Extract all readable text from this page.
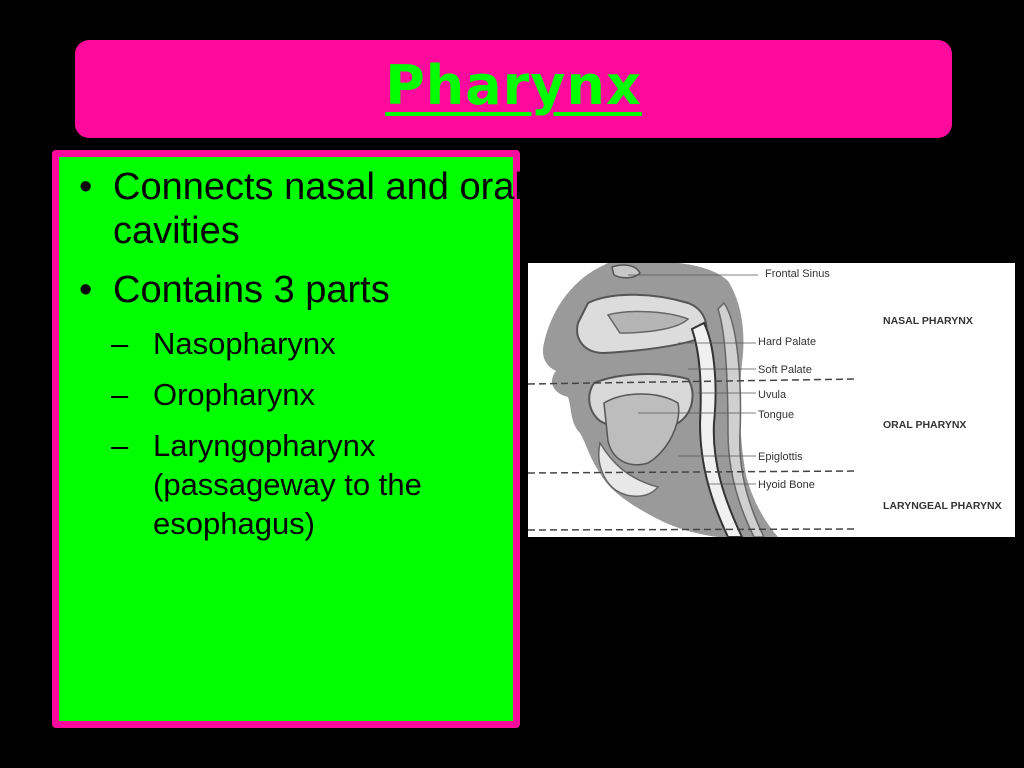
Pharynx
• Connects nasal and oral cavities
• Contains 3 parts
– Nasopharynx
– Oropharynx
– Laryngopharynx (passageway to the esophagus)
Frontal Sinus
Hard Palate
Soft Palate
Uvula
Tongue
Epiglottis
Hyoid Bone
NASAL PHARYNX
ORAL PHARYNX
LARYNGEAL PHARYNX
